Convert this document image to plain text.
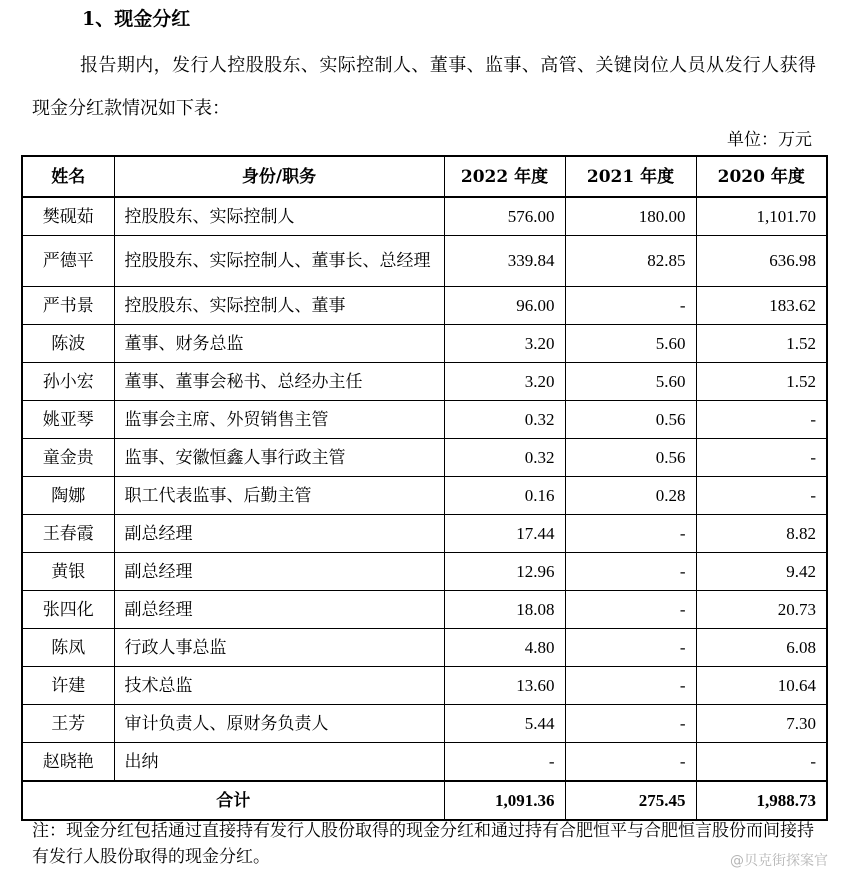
1、现金分红
报告期内，发行人控股股东、实际控制人、董事、监事、高管、关键岗位人员从发行人获得现金分红款情况如下表：
单位：万元
姓名	身份/职务	2022 年度	2021 年度	2020 年度
樊砚茹	控股股东、实际控制人	576.00	180.00	1,101.70
严德平	控股股东、实际控制人、董事长、总经理	339.84	82.85	636.98
严书景	控股股东、实际控制人、董事	96.00	-	183.62
陈波	董事、财务总监	3.20	5.60	1.52
孙小宏	董事、董事会秘书、总经办主任	3.20	5.60	1.52
姚亚琴	监事会主席、外贸销售主管	0.32	0.56	-
童金贵	监事、安徽恒鑫人事行政主管	0.32	0.56	-
陶娜	职工代表监事、后勤主管	0.16	0.28	-
王春霞	副总经理	17.44	-	8.82
黄银	副总经理	12.96	-	9.42
张四化	副总经理	18.08	-	20.73
陈凤	行政人事总监	4.80	-	6.08
许建	技术总监	13.60	-	10.64
王芳	审计负责人、原财务负责人	5.44	-	7.30
赵晓艳	出纳	-	-	-
合计		1,091.36	275.45	1,988.73
注：现金分红包括通过直接持有发行人股份取得的现金分红和通过持有合肥恒平与合肥恒言股份而间接持有发行人股份取得的现金分红。	@贝克街探案官
